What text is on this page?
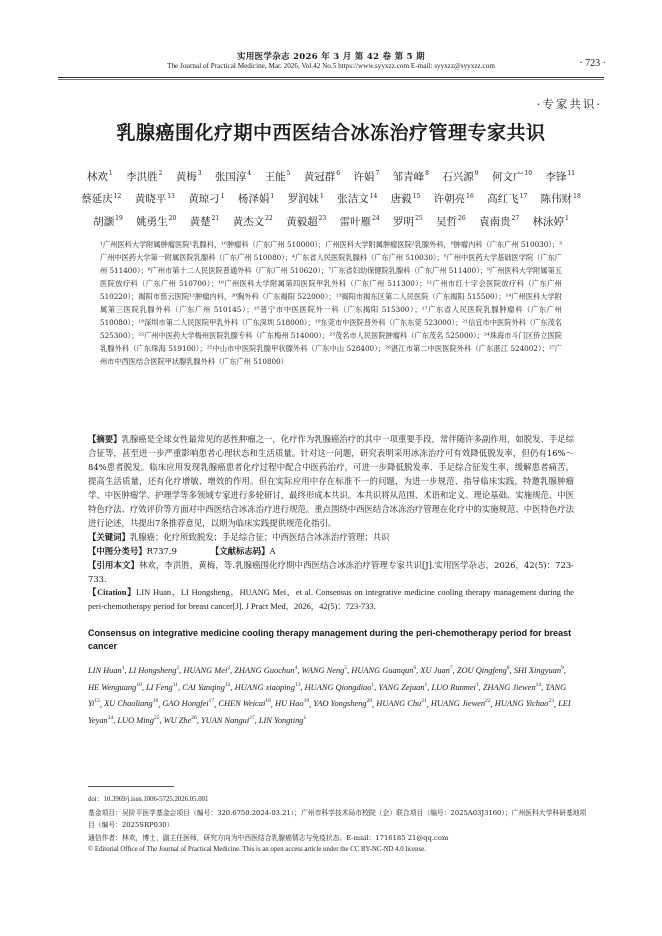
实用医学杂志 2026 年 3 月 第 42 卷 第 5 期
The Journal of Practical Medicine, Mar. 2026, Vol.42 No.5 https://www.syyxzz.com E-mail: syyxzz@syyxzz.com	· 723 ·
·专家共识·
乳腺癌围化疗期中西医结合冰冻治疗管理专家共识
林欢$^1$ 李洪胜$^2$ 黄梅$^3$ 张国淳$^4$ 王能$^5$ 黄冠群$^6$ 许娟$^7$ 邹青峰$^8$ 石兴源$^9$ 何文广$^{10}$ 李锋$^{11}$ 蔡延庆$^{12}$ 黄晓平$^{13}$ 黄琼刁$^1$ 杨泽娟$^1$ 罗润妹$^1$ 张洁文$^{14}$ 唐毅$^{15}$ 许朝亮$^{16}$ 高红飞$^{17}$ 陈伟财$^{18}$ 胡灏$^{19}$ 姚勇生$^{20}$ 黄楚$^{21}$ 黄杰文$^{22}$ 黄毅超$^{23}$ 雷叶雁$^{24}$ 罗明$^{25}$ 吴哲$^{26}$ 袁南贵$^{27}$ 林泳婷$^1$
¹广州医科大学附属肿瘤医院¹乳腺科，¹⁶肿瘤科（广东广州 510000）；广州医科大学附属肿瘤医院²乳腺外科，⁸肿瘤内科（广东广州 510030）；³广州中医药大学第一附属医院乳腺科（广东广州 510080）；⁴广东省人民医院乳腺科（广东广州 510030）；⁵广州中医药大学基础医学院（广东广州 511400）；⁶广州市第十二人民医院普通外科（广东广州 510620）；⁷广东省妇幼保健院乳腺科（广东广州 511400）；⁹广州医科大学附属第五医院放疗科（广东广州 510700）；¹⁰广州医科大学附属第四医院甲乳外科（广东广州 511300）；¹¹广州市红十字会医院放疗科（广东广州 510220）；揭阳市慈云医院¹²肿瘤内科，²⁰胸外科（广东揭阳 522000）；¹³揭阳市揭东区第二人民医院（广东揭阳 515500）；¹⁴广州医科大学附属第三医院乳腺外科（广东广州 510145）；¹⁵普宁市中医医院外一科（广东揭阳 515300）；¹⁷广东省人民医院乳腺肿瘤科（广东广州 510080）；¹⁸深圳市第二人民医院甲乳外科（广东深圳 518000）；¹⁹东莞市中医院普外科（广东东莞 523000）；²¹信宜市中医院外科（广东茂名 525300）；²²广州中医药大学梅州医院乳腺专科（广东梅州 514000）；²³茂名市人民医院肿瘤科（广东茂名 525000）；²⁴珠海市斗门区侨立医院乳腺外科（广东珠海 519100）；²⁵中山市中医院乳腺甲状腺外科（广东中山 528400）；²⁶湛江市第二中医医院外科（广东湛江 524002）；²⁷广州市中西医结合医院甲状腺乳腺外科（广东广州 510800）

【摘要】乳腺癌是全球女性最常见的恶性肿瘤之一，化疗作为乳腺癌治疗的其中一项重要手段，常伴随许多副作用，如脱发、手足综合征等，甚至进一步严重影响患者心理状态和生活质量。针对这一问题，研究表明采用冰冻治疗可有效降低脱发率，但仍有16%～84%患者脱发。临床应用发现乳腺癌患者化疗过程中配合中医药治疗，可进一步降低脱发率、手足综合征发生率，缓解患者痛苦，提高生活质量，还有化疗增敏、增效的作用。但在实际应用中存在标准不一的问题，为进一步规范、指导临床实践，特邀乳腺肿瘤学、中医肿瘤学、护理学等多领域专家进行多轮研讨，最终形成本共识。本共识将从范围、术语和定义、理论基础、实施规范、中医特色疗法、疗效评价等方面对中西医结合冰冻治疗进行规范。重点围绕中西医结合冰冻治疗管理在化疗中的实施规范、中医特色疗法进行论述，共提出7条推荐意见，以期为临床实践提供规范化指引。

【关键词】乳腺癌；化疗所致脱发；手足综合征；中西医结合冰冻治疗管理；共识

【中图分类号】R737.9	【文献标志码】A

【引用本文】林欢，李洪胜，黄梅，等.乳腺癌围化疗期中西医结合冰冻治疗管理专家共识[J].实用医学杂志，2026，42(5)：723-733.

【Citation】LIN Huan，LI Hongsheng，HUANG Mei，et al. Consensus on integrative medicine cooling therapy management during the peri-chemotherapy period for breast cancer[J]. J Pract Med，2026，42(5)：723-733.

Consensus on integrative medicine cooling therapy management during the peri-chemotherapy period for breast cancer
LIN Huan$^1$, LI Hongsheng$^2$, HUANG Mei$^3$, ZHANG Guochun$^4$, WANG Neng$^5$, HUANG Guanqun$^6$, XU Juan$^7$, ZOU Qingfeng$^8$, SHI Xingyuan$^9$, HE Wenguang$^{10}$, LI Feng$^{11}$, CAI Yanqing$^{12}$, HUANG xiaoping$^{13}$, HUANG Qiongdiao$^1$, YANG Zejuan$^1$, LUO Runmei$^1$, ZHANG Jiewen$^{14}$, TANG Yi$^{15}$, XU Chaoliang$^{16}$, GAO Hongfei$^{17}$, CHEN Weicai$^{18}$, HU Hao$^{19}$, YAO Yongsheng$^{20}$, HUANG Chu$^{21}$, HUANG Jiewen$^{22}$, HUANG Yichao$^{23}$, LEI Yeyan$^{24}$, LUO Ming$^{25}$, WU Zhe$^{26}$, YUAN Nangui$^{27}$, LIN Yongting$^1$

doi：10.3969/j.issn.1006-5725.2026.05.001

基金项目：吴阶平医学基金会项目（编号：320.6750.2024-03.21）；广州市科学技术局市校院（企）联合项目（编号：2025A03J3160）；广州医科大学科研基地项目（编号：2025SRP030）

通信作者：林欢，博士，副主任医师，研究方向为中西医结合乳腺癌情志与免疫状态。E-mail：1716185 21@qq.com

© Editorial Office of The Journal of Practical Medicine. This is an open access article under the CC BY-NC-ND 4.0 license.
